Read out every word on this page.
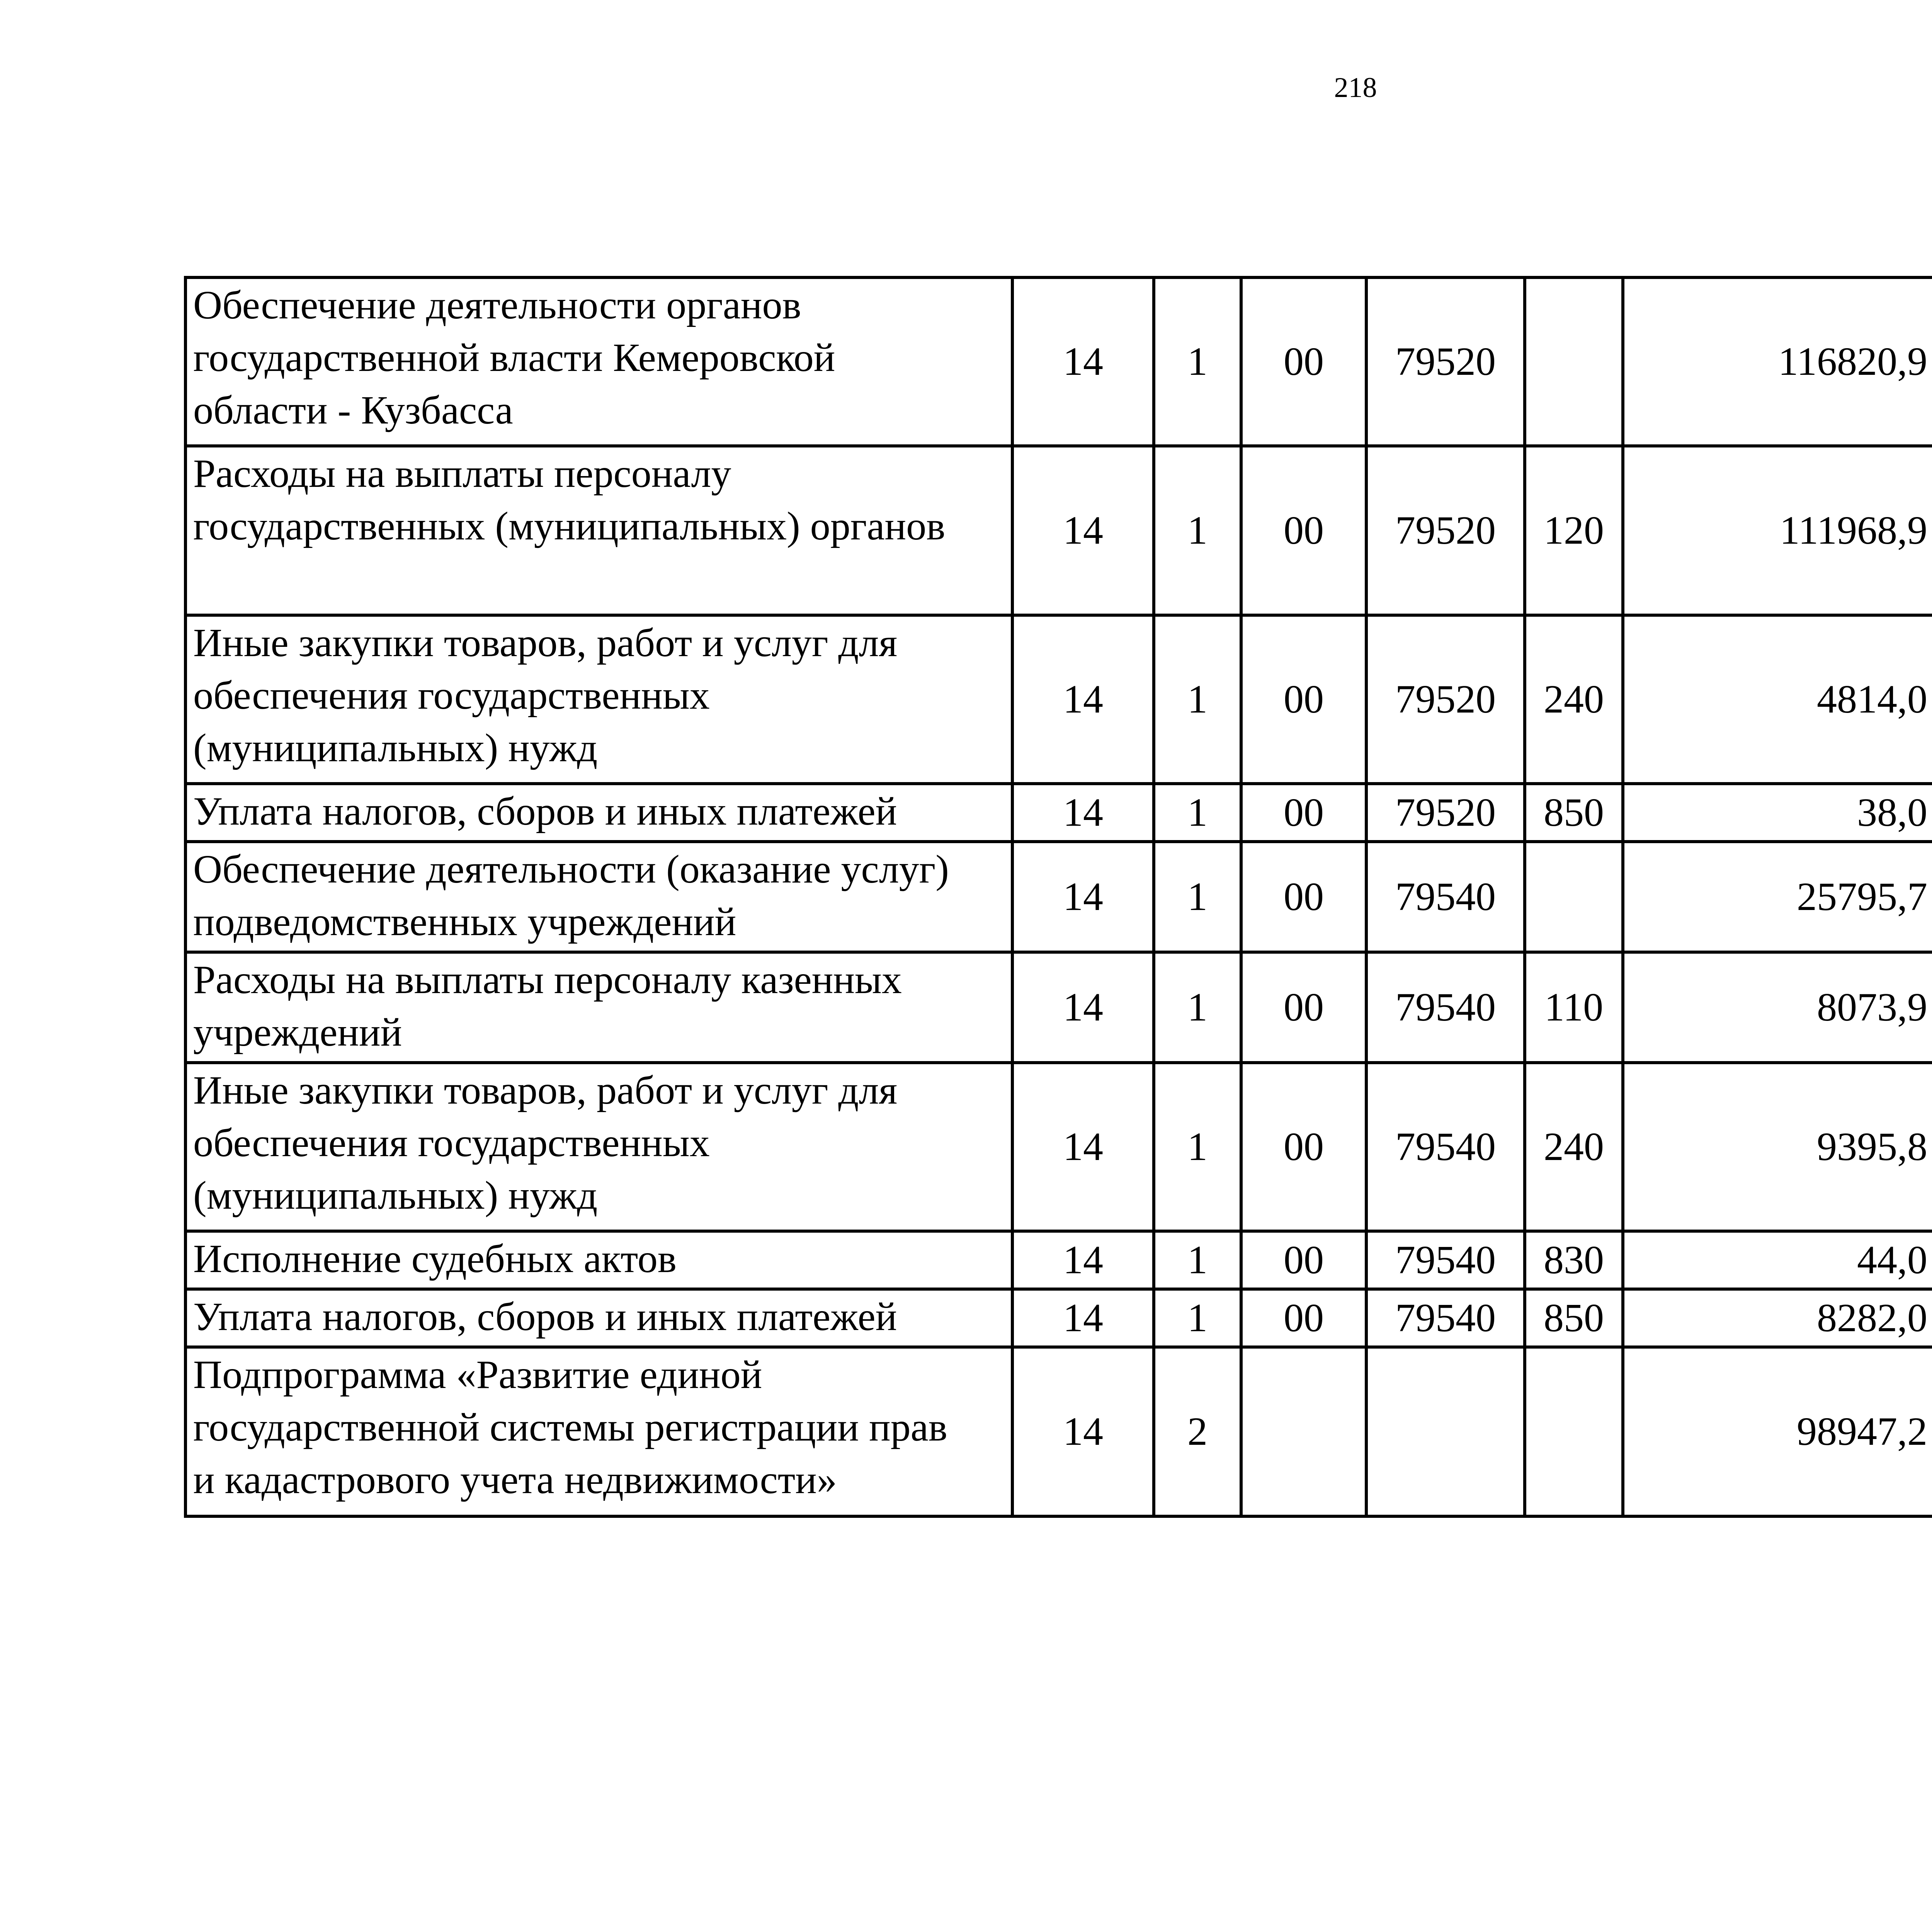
218
Обеспечение деятельности органов
государственной власти Кемеровской
области - Кузбасса	14	1	00	79520		116820,9		

Расходы на выплаты персоналу
государственных (муниципальных) органов	14	1	00	79520	120	111968,9		

Иные закупки товаров, работ и услуг для
обеспечения государственных
(муниципальных) нужд	14	1	00	79520	240	4814,0		

Уплата налогов, сборов и иных платежей	14	1	00	79520	850	38,0		

Обеспечение деятельности (оказание услуг)
подведомственных учреждений	14	1	00	79540		25795,7		

Расходы на выплаты персоналу казенных
учреждений	14	1	00	79540	110	8073,9		

Иные закупки товаров, работ и услуг для
обеспечения государственных
(муниципальных) нужд	14	1	00	79540	240	9395,8		

Исполнение судебных актов	14	1	00	79540	830	44,0		

Уплата налогов, сборов и иных платежей	14	1	00	79540	850	8282,0		

Подпрограмма «Развитие единой
государственной системы регистрации прав
и кадастрового учета недвижимости»	14	2				98947,2		
